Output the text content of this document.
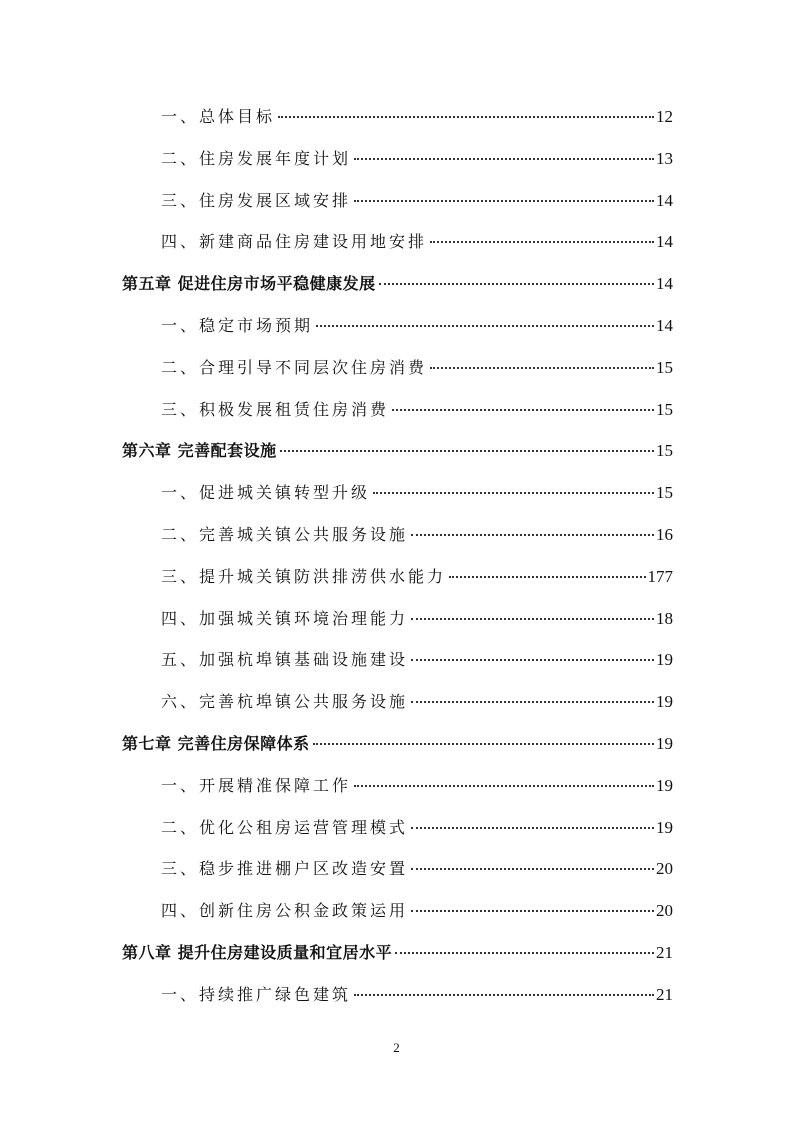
一、总体目标	12
二、住房发展年度计划	13
三、住房发展区域安排	14
四、新建商品住房建设用地安排	14
第五章 促进住房市场平稳健康发展	14
一、稳定市场预期	14
二、合理引导不同层次住房消费	15
三、积极发展租赁住房消费	15
第六章 完善配套设施	15
一、促进城关镇转型升级	15
二、完善城关镇公共服务设施	16
三、提升城关镇防洪排涝供水能力	177
四、加强城关镇环境治理能力	18
五、加强杭埠镇基础设施建设	19
六、完善杭埠镇公共服务设施	19
第七章 完善住房保障体系	19
一、开展精准保障工作	19
二、优化公租房运营管理模式	19
三、稳步推进棚户区改造安置	20
四、创新住房公积金政策运用	20
第八章 提升住房建设质量和宜居水平	21
一、持续推广绿色建筑	21
2
